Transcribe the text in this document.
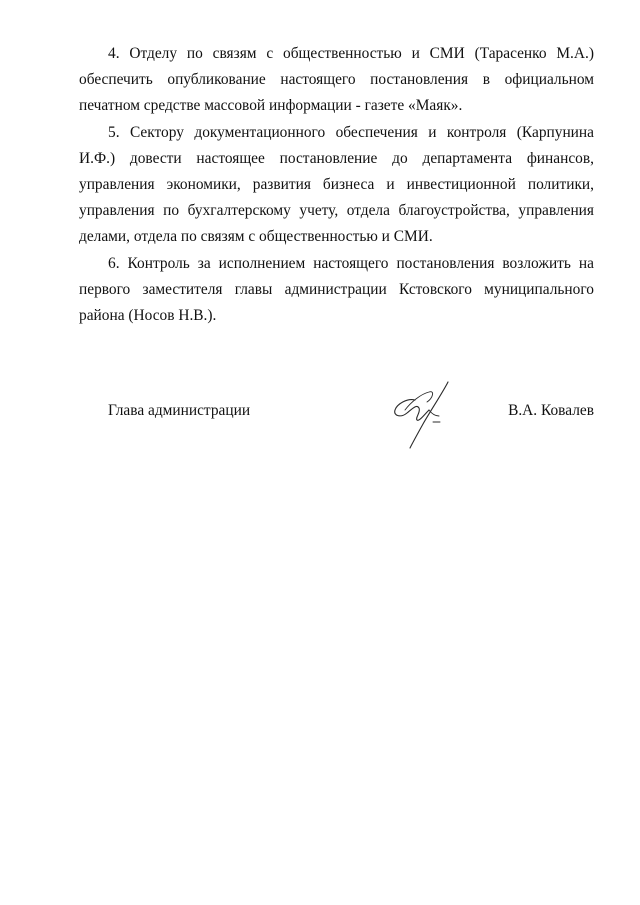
4. Отделу по связям с общественностью и СМИ (Тарасенко М.А.) обеспечить опубликование настоящего постановления в официальном печатном средстве массовой информации - газете «Маяк».

5. Сектору документационного обеспечения и контроля (Карпунина И.Ф.) довести настоящее постановление до департамента финансов, управления экономики, развития бизнеса и инвестиционной политики, управления по бухгалтерскому учету, отдела благоустройства, управления делами, отдела по связям с общественностью и СМИ.

6. Контроль за исполнением настоящего постановления возложить на первого заместителя главы администрации Кстовского муниципального района (Носов Н.В.).

Глава администрации	В.А. Ковалев
